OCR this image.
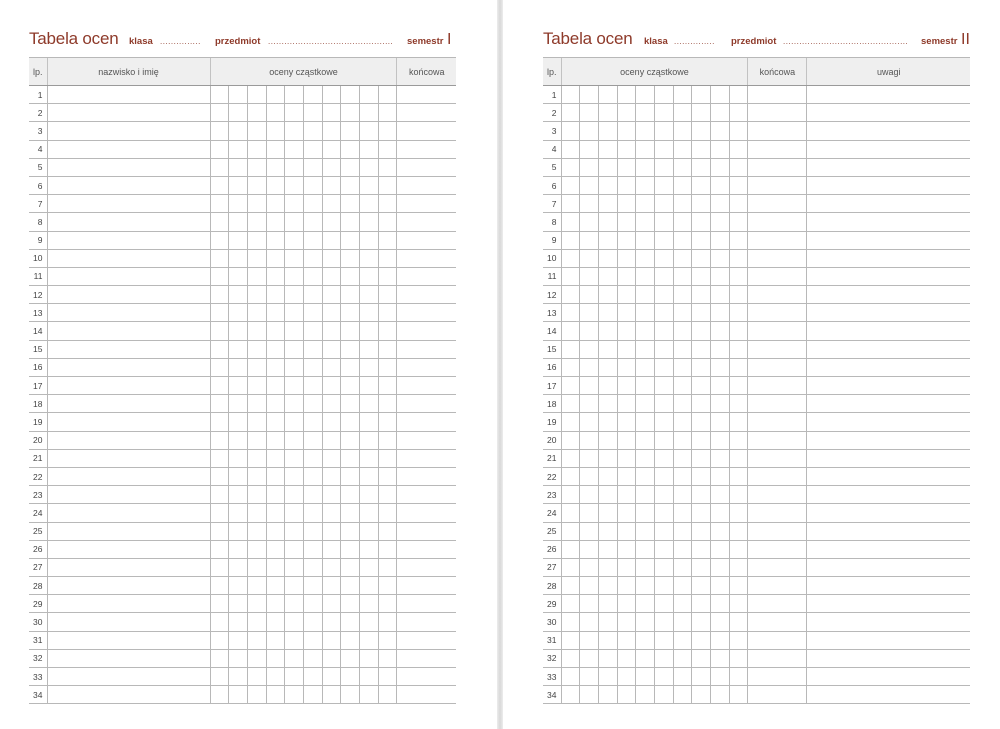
Tabela ocen klasa ............... przedmiot .............................................. semestr I
lp.	nazwisko i imię	oceny cząstkowe										końcowa
1												
2												
3												
4												
5												
6												
7												
8												
9												
10												
11												
12												
13												
14												
15												
16												
17												
18												
19												
20												
21												
22												
23												
24												
25												
26												
27												
28												
29												
30												
31												
32												
33												
34												
Tabela ocen klasa ............... przedmiot .............................................. semestr II
lp.	oceny cząstkowe										końcowa	uwagi
1												
2												
3												
4												
5												
6												
7												
8												
9												
10												
11												
12												
13												
14												
15												
16												
17												
18												
19												
20												
21												
22												
23												
24												
25												
26												
27												
28												
29												
30												
31												
32												
33												
34												
